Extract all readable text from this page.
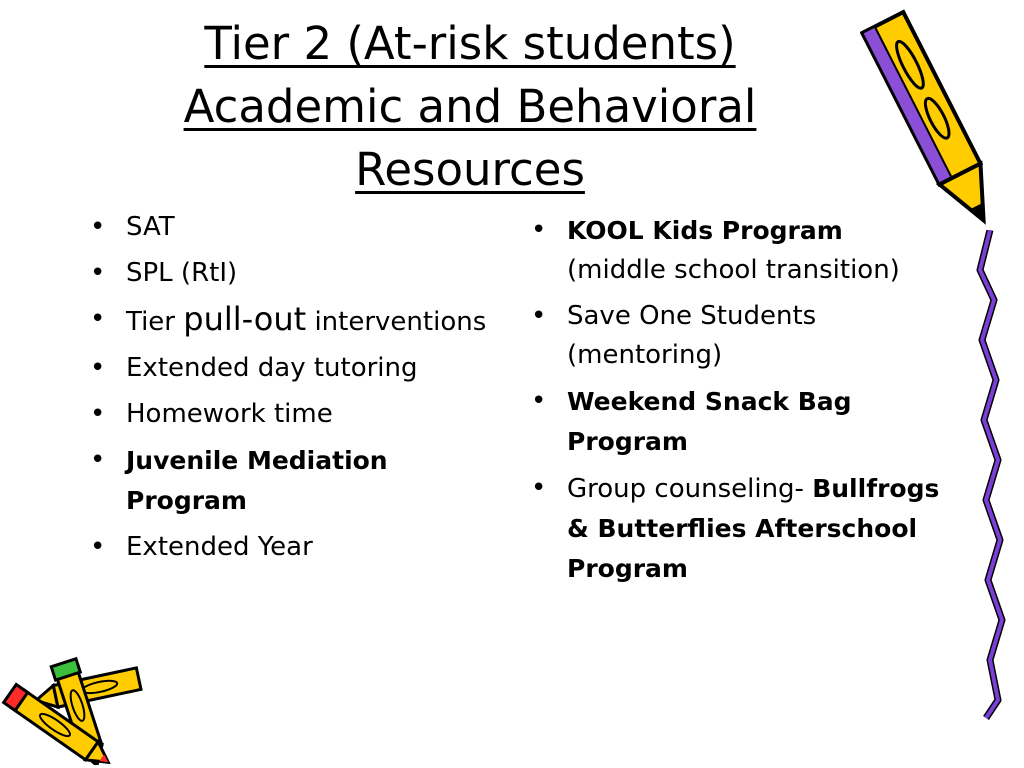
Tier 2 (At-risk students)
Academic and Behavioral
Resources
• SAT
• SPL (RtI)
• Tier pull-out interventions
• Extended day tutoring
• Homework time
• Juvenile Mediation Program
• Extended Year
• KOOL Kids Program (middle school transition)
• Save One Students (mentoring)
• Weekend Snack Bag Program
• Group counseling- Bullfrogs & Butterflies Afterschool Program
